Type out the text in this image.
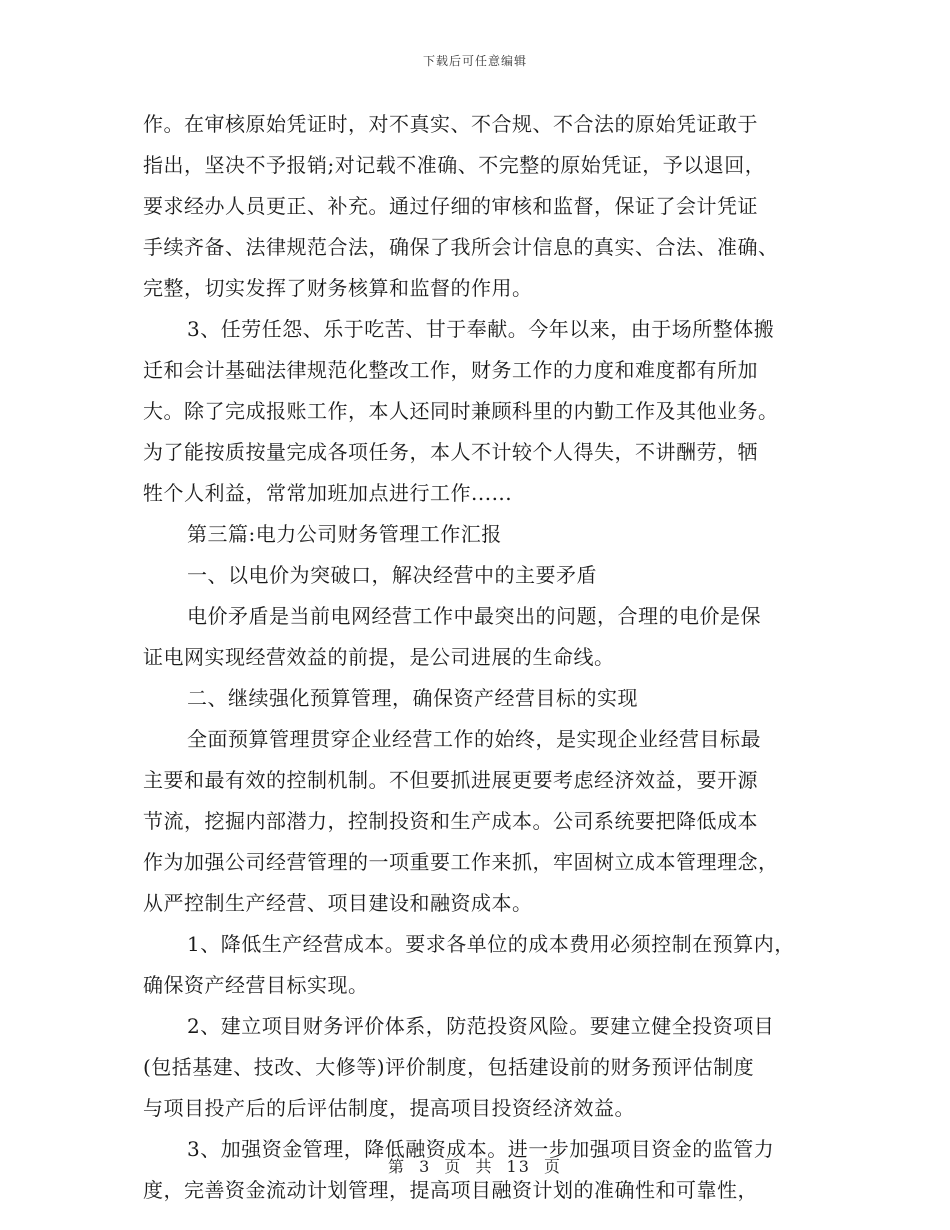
下载后可任意编辑
作。在审核原始凭证时，对不真实、不合规、不合法的原始凭证敢于
指出，坚决不予报销;对记载不准确、不完整的原始凭证，予以退回，
要求经办人员更正、补充。通过仔细的审核和监督，保证了会计凭证
手续齐备、法律规范合法，确保了我所会计信息的真实、合法、准确、
完整，切实发挥了财务核算和监督的作用。
3、任劳任怨、乐于吃苦、甘于奉献。今年以来，由于场所整体搬
迁和会计基础法律规范化整改工作，财务工作的力度和难度都有所加
大。除了完成报账工作，本人还同时兼顾科里的内勤工作及其他业务。
为了能按质按量完成各项任务，本人不计较个人得失，不讲酬劳，牺
牲个人利益，常常加班加点进行工作......
第三篇:电力公司财务管理工作汇报
一、以电价为突破口，解决经营中的主要矛盾
电价矛盾是当前电网经营工作中最突出的问题，合理的电价是保
证电网实现经营效益的前提，是公司进展的生命线。
二、继续强化预算管理，确保资产经营目标的实现
全面预算管理贯穿企业经营工作的始终，是实现企业经营目标最
主要和最有效的控制机制。不但要抓进展更要考虑经济效益，要开源
节流，挖掘内部潜力，控制投资和生产成本。公司系统要把降低成本
作为加强公司经营管理的一项重要工作来抓，牢固树立成本管理理念，
从严控制生产经营、项目建设和融资成本。
1、降低生产经营成本。要求各单位的成本费用必须控制在预算内，
确保资产经营目标实现。
2、建立项目财务评价体系，防范投资风险。要建立健全投资项目
(包括基建、技改、大修等)评价制度，包括建设前的财务预评估制度
与项目投产后的后评估制度，提高项目投资经济效益。
3、加强资金管理，降低融资成本。进一步加强项目资金的监管力
度，完善资金流动计划管理，提高项目融资计划的准确性和可靠性，
第 3 页 共 13 页
